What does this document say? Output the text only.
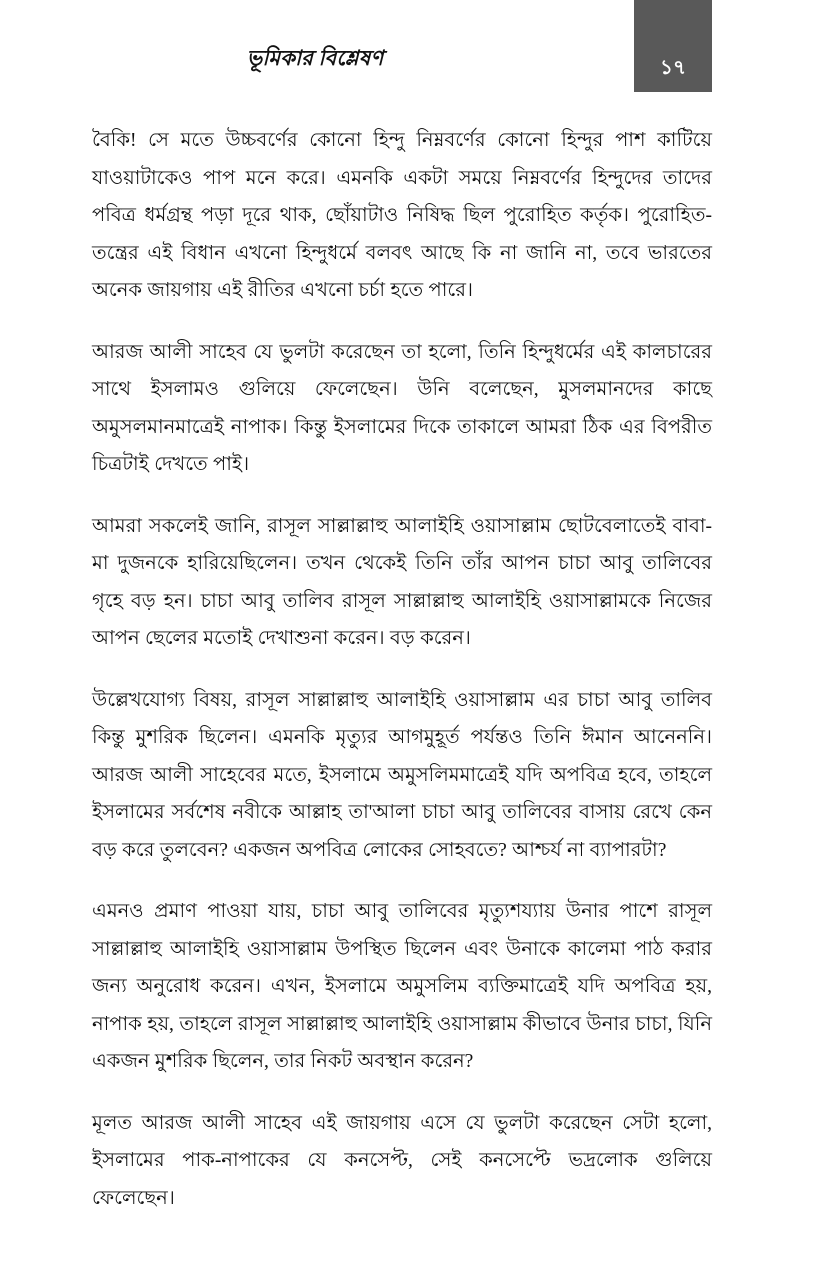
ভূমিকার বিশ্লেষণ	১৭

বৈকি! সে মতে উচ্চবর্ণের কোনো হিন্দু নিম্নবর্ণের কোনো হিন্দুর পাশ কাটিয়ে যাওয়াটাকেও পাপ মনে করে। এমনকি একটা সময়ে নিম্নবর্ণের হিন্দুদের তাদের পবিত্র ধর্মগ্রন্থ পড়া দূরে থাক, ছোঁয়াটাও নিষিদ্ধ ছিল পুরোহিত কর্তৃক। পুরোহিত-তন্ত্রের এই বিধান এখনো হিন্দুধর্মে বলবৎ আছে কি না জানি না, তবে ভারতের অনেক জায়গায় এই রীতির এখনো চর্চা হতে পারে।

আরজ আলী সাহেব যে ভুলটা করেছেন তা হলো, তিনি হিন্দুধর্মের এই কালচারের সাথে ইসলামও গুলিয়ে ফেলেছেন। উনি বলেছেন, মুসলমানদের কাছে অমুসলমানমাত্রেই নাপাক। কিন্তু ইসলামের দিকে তাকালে আমরা ঠিক এর বিপরীত চিত্রটাই দেখতে পাই।

আমরা সকলেই জানি, রাসূল সাল্লাল্লাহু আলাইহি ওয়াসাল্লাম ছোটবেলাতেই বাবা-মা দুজনকে হারিয়েছিলেন। তখন থেকেই তিনি তাঁর আপন চাচা আবু তালিবের গৃহে বড় হন। চাচা আবু তালিব রাসূল সাল্লাল্লাহু আলাইহি ওয়াসাল্লামকে নিজের আপন ছেলের মতোই দেখাশুনা করেন। বড় করেন।

উল্লেখযোগ্য বিষয়, রাসূল সাল্লাল্লাহু আলাইহি ওয়াসাল্লাম এর চাচা আবু তালিব কিন্তু মুশরিক ছিলেন। এমনকি মৃত্যুর আগমুহূর্ত পর্যন্তও তিনি ঈমান আনেননি। আরজ আলী সাহেবের মতে, ইসলামে অমুসলিমমাত্রেই যদি অপবিত্র হবে, তাহলে ইসলামের সর্বশেষ নবীকে আল্লাহ তা'আলা চাচা আবু তালিবের বাসায় রেখে কেন বড় করে তুলবেন? একজন অপবিত্র লোকের সোহবতে? আশ্চর্য না ব্যাপারটা?

এমনও প্রমাণ পাওয়া যায়, চাচা আবু তালিবের মৃত্যুশয্যায় উনার পাশে রাসূল সাল্লাল্লাহু আলাইহি ওয়াসাল্লাম উপস্থিত ছিলেন এবং উনাকে কালেমা পাঠ করার জন্য অনুরোধ করেন। এখন, ইসলামে অমুসলিম ব্যক্তিমাত্রেই যদি অপবিত্র হয়, নাপাক হয়, তাহলে রাসূল সাল্লাল্লাহু আলাইহি ওয়াসাল্লাম কীভাবে উনার চাচা, যিনি একজন মুশরিক ছিলেন, তার নিকট অবস্থান করেন?

মূলত আরজ আলী সাহেব এই জায়গায় এসে যে ভুলটা করেছেন সেটা হলো, ইসলামের পাক-নাপাকের যে কনসেপ্ট, সেই কনসেপ্টে ভদ্রলোক গুলিয়ে ফেলেছেন।
